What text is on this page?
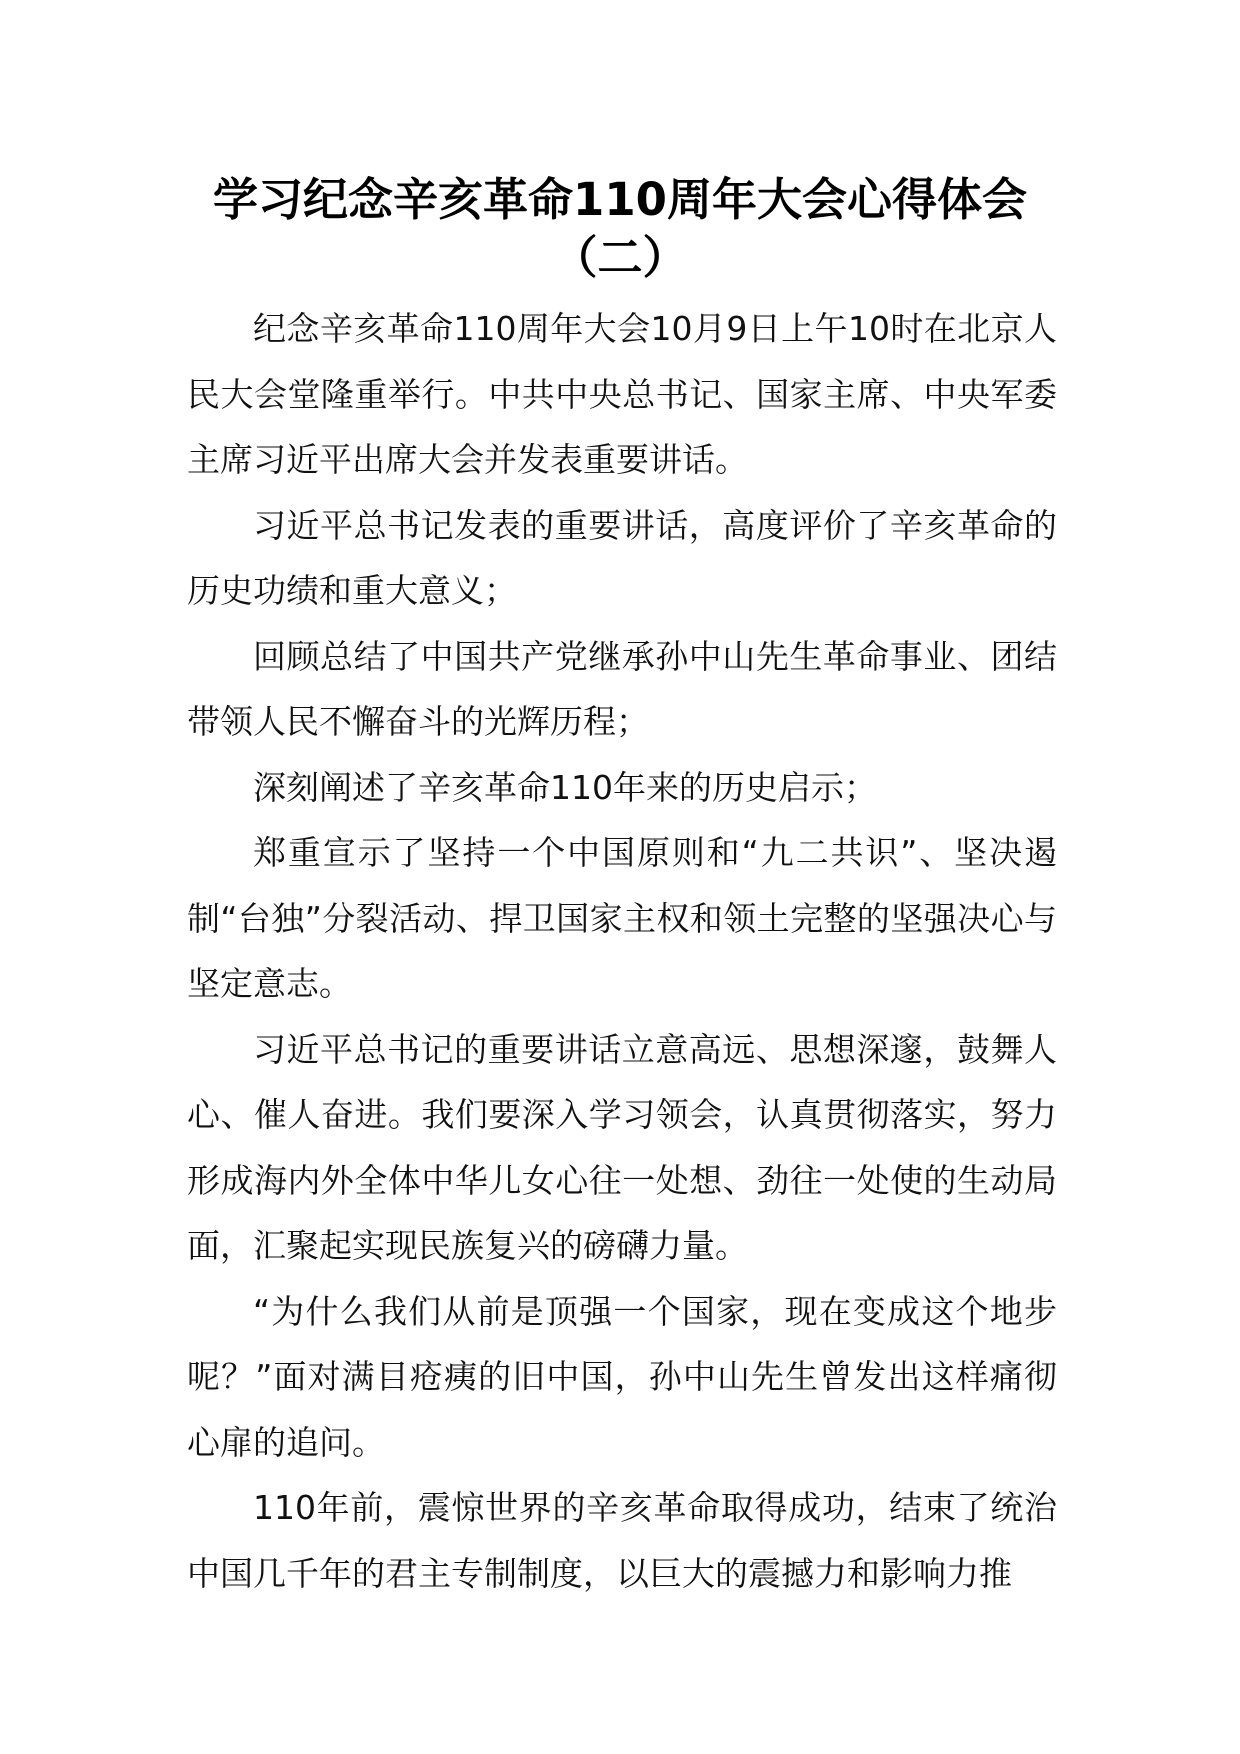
学习纪念辛亥革命110周年大会心得体会
（二）

纪念辛亥革命110周年大会10月9日上午10时在北京人民大会堂隆重举行。中共中央总书记、国家主席、中央军委主席习近平出席大会并发表重要讲话。

习近平总书记发表的重要讲话，高度评价了辛亥革命的历史功绩和重大意义；

回顾总结了中国共产党继承孙中山先生革命事业、团结带领人民不懈奋斗的光辉历程；

深刻阐述了辛亥革命110年来的历史启示；

郑重宣示了坚持一个中国原则和“九二共识”、坚决遏制“台独”分裂活动、捍卫国家主权和领土完整的坚强决心与坚定意志。

习近平总书记的重要讲话立意高远、思想深邃，鼓舞人心、催人奋进。我们要深入学习领会，认真贯彻落实，努力形成海内外全体中华儿女心往一处想、劲往一处使的生动局面，汇聚起实现民族复兴的磅礴力量。

“为什么我们从前是顶强一个国家，现在变成这个地步呢？”面对满目疮痍的旧中国，孙中山先生曾发出这样痛彻心扉的追问。

110年前，震惊世界的辛亥革命取得成功，结束了统治中国几千年的君主专制制度，以巨大的震撼力和影响力推
